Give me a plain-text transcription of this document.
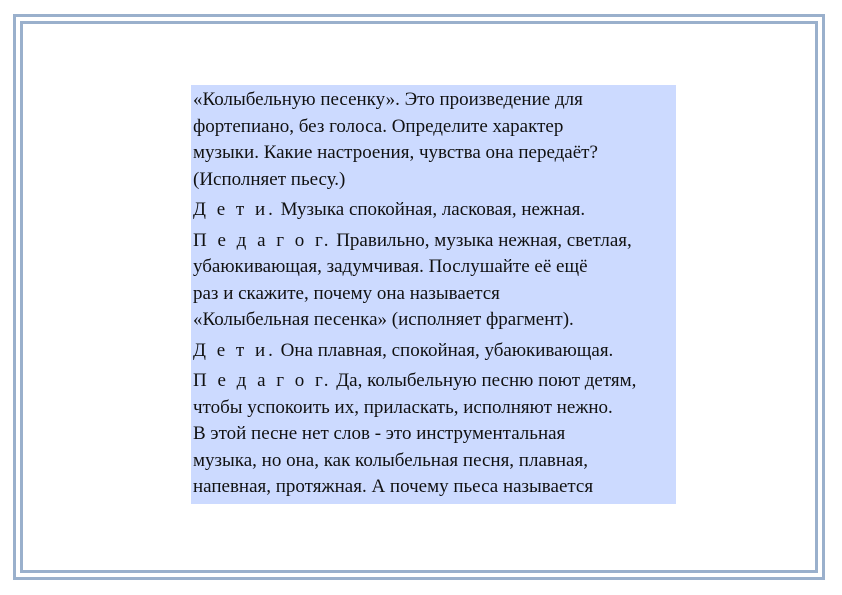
«Колыбельную песенку». Это произведение для
фортепиано, без голоса. Определите характер
музыки. Какие настроения, чувства она передаёт?
(Исполняет пьесу.)

Д е т и. Музыка спокойная, ласковая, нежная.

П е д а г о г. Правильно, музыка нежная, светлая,
убаюкивающая, задумчивая. Послушайте её ещё
раз и скажите, почему она называется
«Колыбельная песенка» (исполняет фрагмент).

Д е т и. Она плавная, спокойная, убаюкивающая.

П е д а г о г. Да, колыбельную песню поют детям,
чтобы успокоить их, приласкать, исполняют нежно.
В этой песне нет слов - это инструментальная
музыка, но она, как колыбельная песня, плавная,
напевная, протяжная. А почему пьеса называется
